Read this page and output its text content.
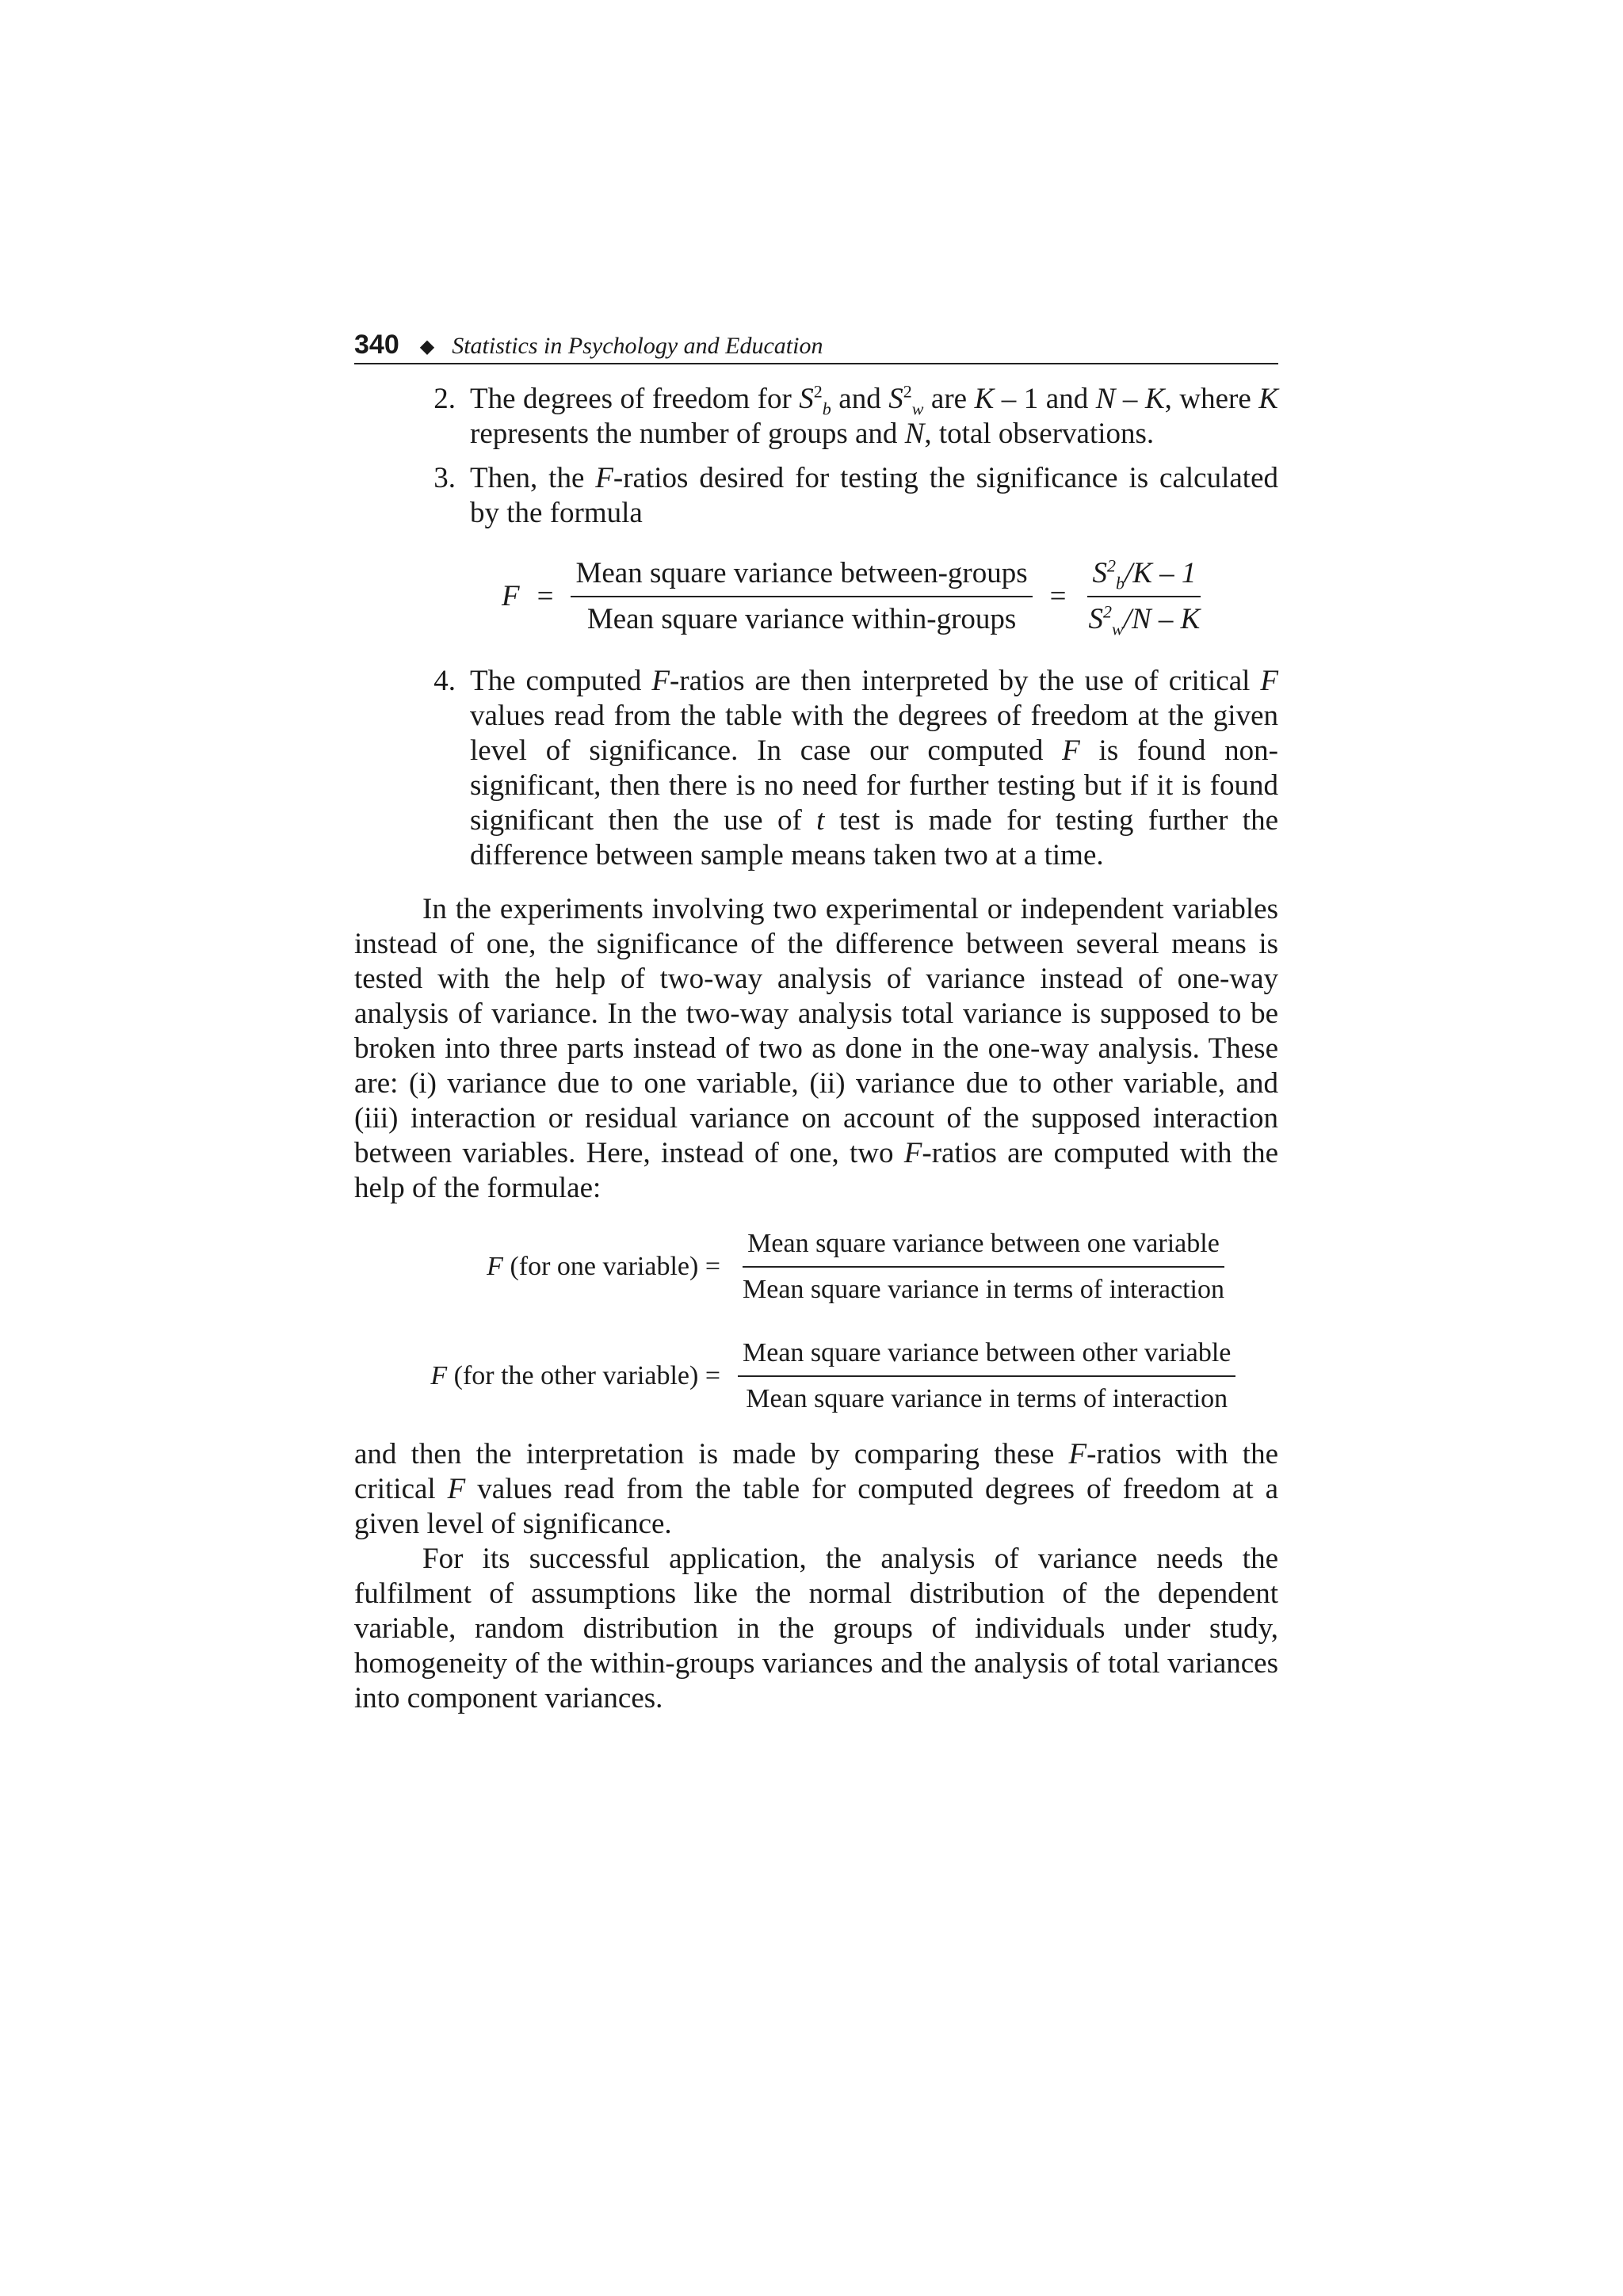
340 ◆ Statistics in Psychology and Education
2. The degrees of freedom for $S^2_b$ and $S^2_w$ are K – 1 and N – K, where K represents the number of groups and N, total observations.
3. Then, the F-ratios desired for testing the significance is calculated by the formula
$F = \frac{\text{Mean square variance between-groups}}{\text{Mean square variance within-groups}} = \frac{S^2_b/K - 1}{S^2_w/N - K}$
4. The computed F-ratios are then interpreted by the use of critical F values read from the table with the degrees of freedom at the given level of significance. In case our computed F is found non-significant, then there is no need for further testing but if it is found significant then the use of t test is made for testing further the difference between sample means taken two at a time.

In the experiments involving two experimental or independent variables instead of one, the significance of the difference between several means is tested with the help of two-way analysis of variance instead of one-way analysis of variance. In the two-way analysis total variance is supposed to be broken into three parts instead of two as done in the one-way analysis. These are: (i) variance due to one variable, (ii) variance due to other variable, and (iii) interaction or residual variance on account of the supposed interaction between variables. Here, instead of one, two F-ratios are computed with the help of the formulae:

F (for one variable) = $\frac{\text{Mean square variance between one variable}}{\text{Mean square variance in terms of interaction}}$
F (for the other variable) = $\frac{\text{Mean square variance between other variable}}{\text{Mean square variance in terms of interaction}}$

and then the interpretation is made by comparing these F-ratios with the critical F values read from the table for computed degrees of freedom at a given level of significance.

For its successful application, the analysis of variance needs the fulfilment of assumptions like the normal distribution of the dependent variable, random distribution in the groups of individuals under study, homogeneity of the within-groups variances and the analysis of total variances into component variances.
